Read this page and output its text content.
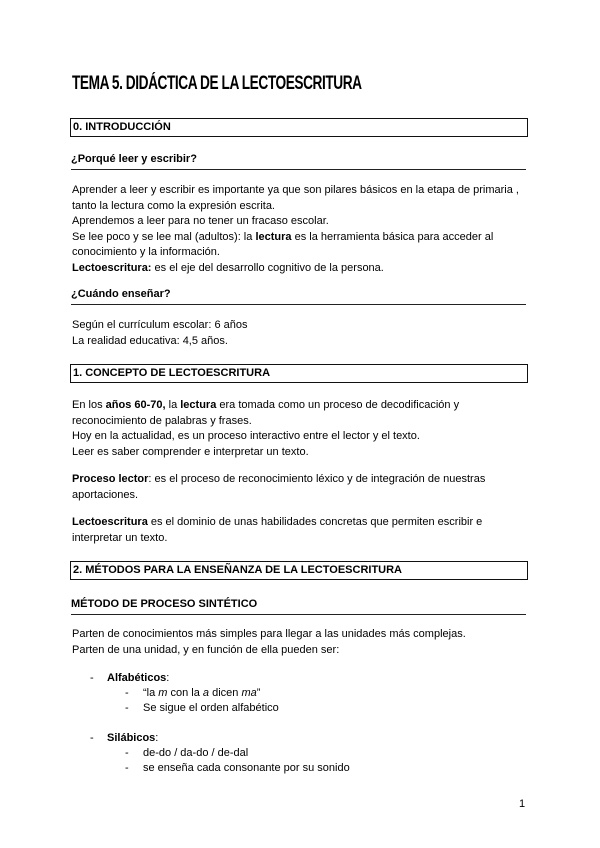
TEMA 5. DIDÁCTICA DE LA LECTOESCRITURA
0. INTRODUCCIÓN
¿Porqué leer y escribir?

Aprender a leer y escribir es importante ya que son pilares básicos en la etapa de primaria ,

tanto la lectura como la expresión escrita.

Aprendemos a leer para no tener un fracaso escolar.

Se lee poco y se lee mal (adultos): la lectura es la herramienta básica para acceder al

conocimiento y la información.

Lectoescritura: es el eje del desarrollo cognitivo de la persona.

¿Cuándo enseñar?

Según el currículum escolar: 6 años

La realidad educativa: 4,5 años.

1. CONCEPTO DE LECTOESCRITURA

En los años 60-70, la lectura era tomada como un proceso de decodificación y

reconocimiento de palabras y frases.

Hoy en la actualidad, es un proceso interactivo entre el lector y el texto.

Leer es saber comprender e interpretar un texto.

Proceso lector: es el proceso de reconocimiento léxico y de integración de nuestras

aportaciones.

Lectoescritura es el dominio de unas habilidades concretas que permiten escribir e

interpretar un texto.

2. MÉTODOS PARA LA ENSEÑANZA DE LA LECTOESCRITURA
MÉTODO DE PROCESO SINTÉTICO

Parten de conocimientos más simples para llegar a las unidades más complejas.

Parten de una unidad, y en función de ella pueden ser:

- Alfabéticos:
- “la m con la a dicen ma”
- Se sigue el orden alfabético
- Silábicos:
- de-do / da-do / de-dal
- se enseña cada consonante por su sonido
1
